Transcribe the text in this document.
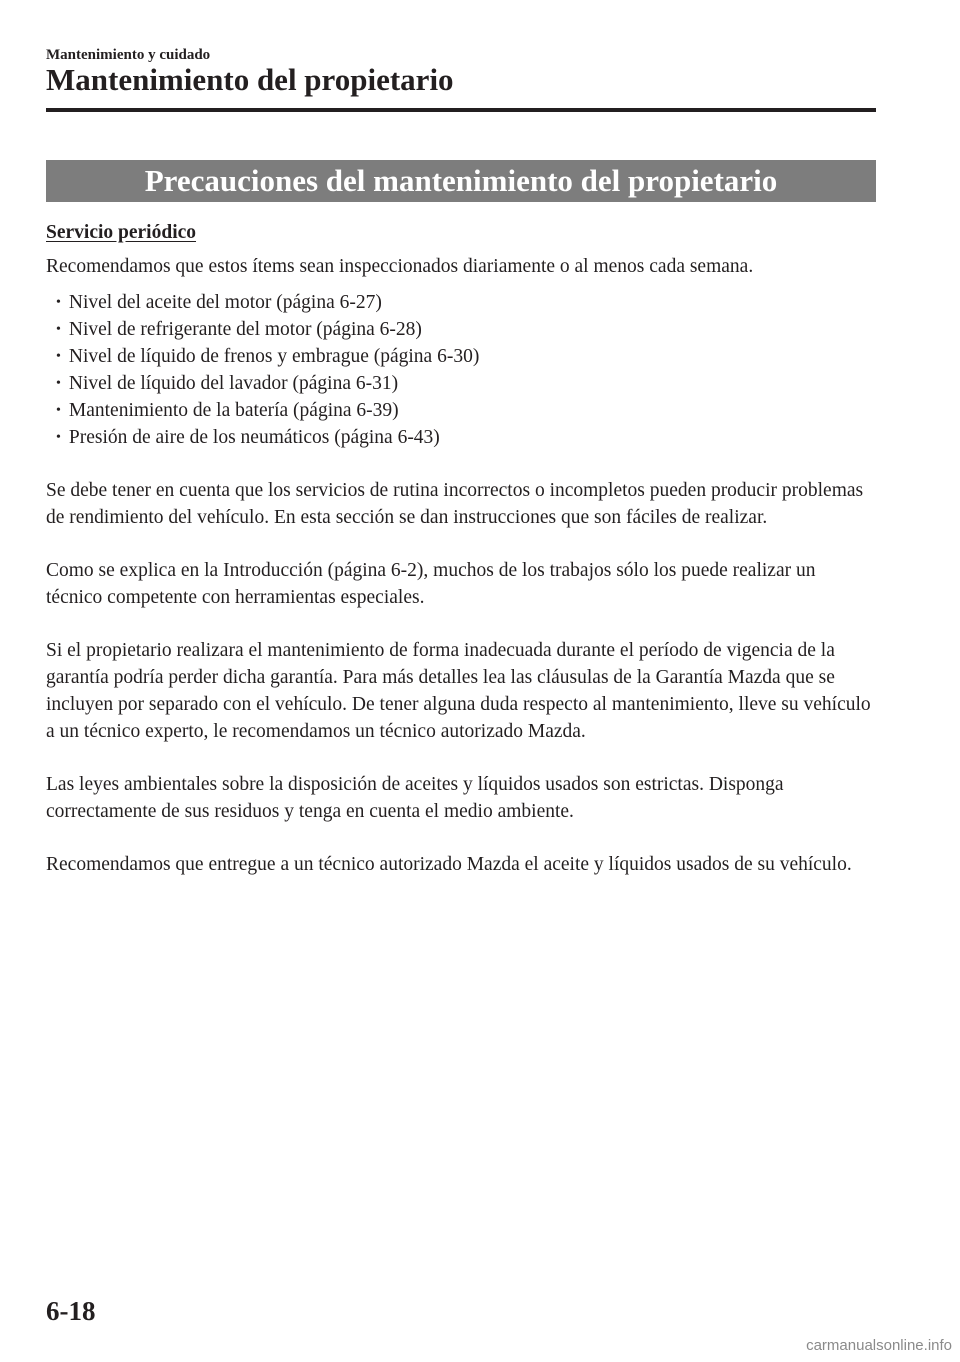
Mantenimiento y cuidado
Mantenimiento del propietario
Precauciones del mantenimiento del propietario
Servicio periódico
Recomendamos que estos ítems sean inspeccionados diariamente o al menos cada semana.
• Nivel del aceite del motor (página 6-27)
• Nivel de refrigerante del motor (página 6-28)
• Nivel de líquido de frenos y embrague (página 6-30)
• Nivel de líquido del lavador (página 6-31)
• Mantenimiento de la batería (página 6-39)
• Presión de aire de los neumáticos (página 6-43)

Se debe tener en cuenta que los servicios de rutina incorrectos o incompletos pueden producir problemas de rendimiento del vehículo. En esta sección se dan instrucciones que son fáciles de realizar.

Como se explica en la Introducción (página 6-2), muchos de los trabajos sólo los puede realizar un técnico competente con herramientas especiales.

Si el propietario realizara el mantenimiento de forma inadecuada durante el período de vigencia de la garantía podría perder dicha garantía. Para más detalles lea las cláusulas de la Garantía Mazda que se incluyen por separado con el vehículo. De tener alguna duda respecto al mantenimiento, lleve su vehículo a un técnico experto, le recomendamos un técnico autorizado Mazda.

Las leyes ambientales sobre la disposición de aceites y líquidos usados son estrictas. Disponga correctamente de sus residuos y tenga en cuenta el medio ambiente.

Recomendamos que entregue a un técnico autorizado Mazda el aceite y líquidos usados de su vehículo.

6-18
carmanualsonline.info
